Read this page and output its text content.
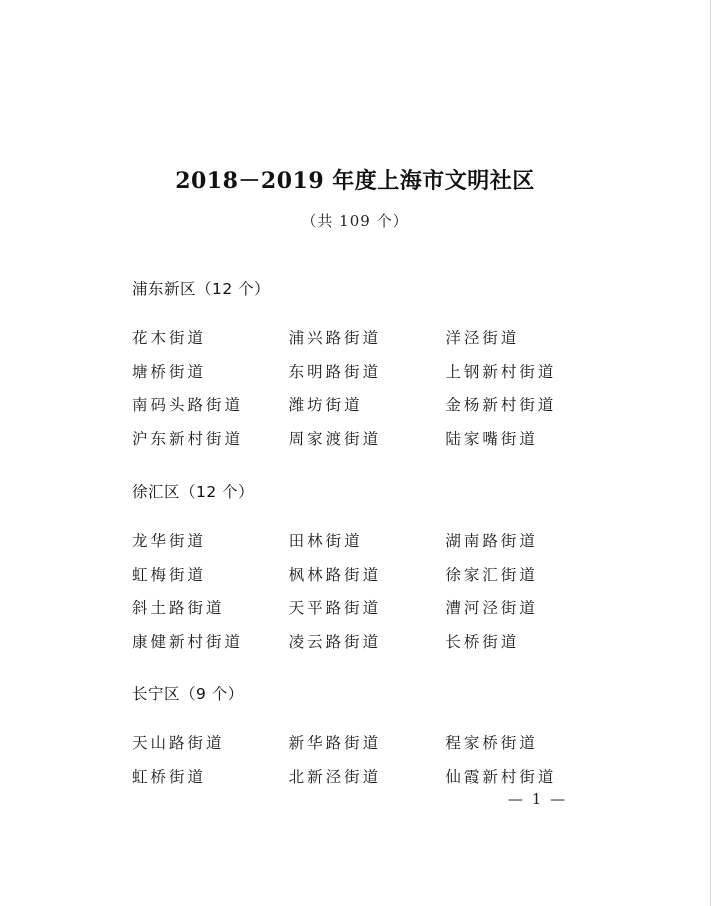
2018－2019 年度上海市文明社区
（共 109 个）
浦东新区（12 个）
花木街道	浦兴路街道	洋泾街道
塘桥街道	东明路街道	上钢新村街道
南码头路街道	潍坊街道	金杨新村街道
沪东新村街道	周家渡街道	陆家嘴街道
徐汇区（12 个）
龙华街道	田林街道	湖南路街道
虹梅街道	枫林路街道	徐家汇街道
斜土路街道	天平路街道	漕河泾街道
康健新村街道	凌云路街道	长桥街道
长宁区（9 个）
天山路街道	新华路街道	程家桥街道
虹桥街道	北新泾街道	仙霞新村街道
— 1 —
